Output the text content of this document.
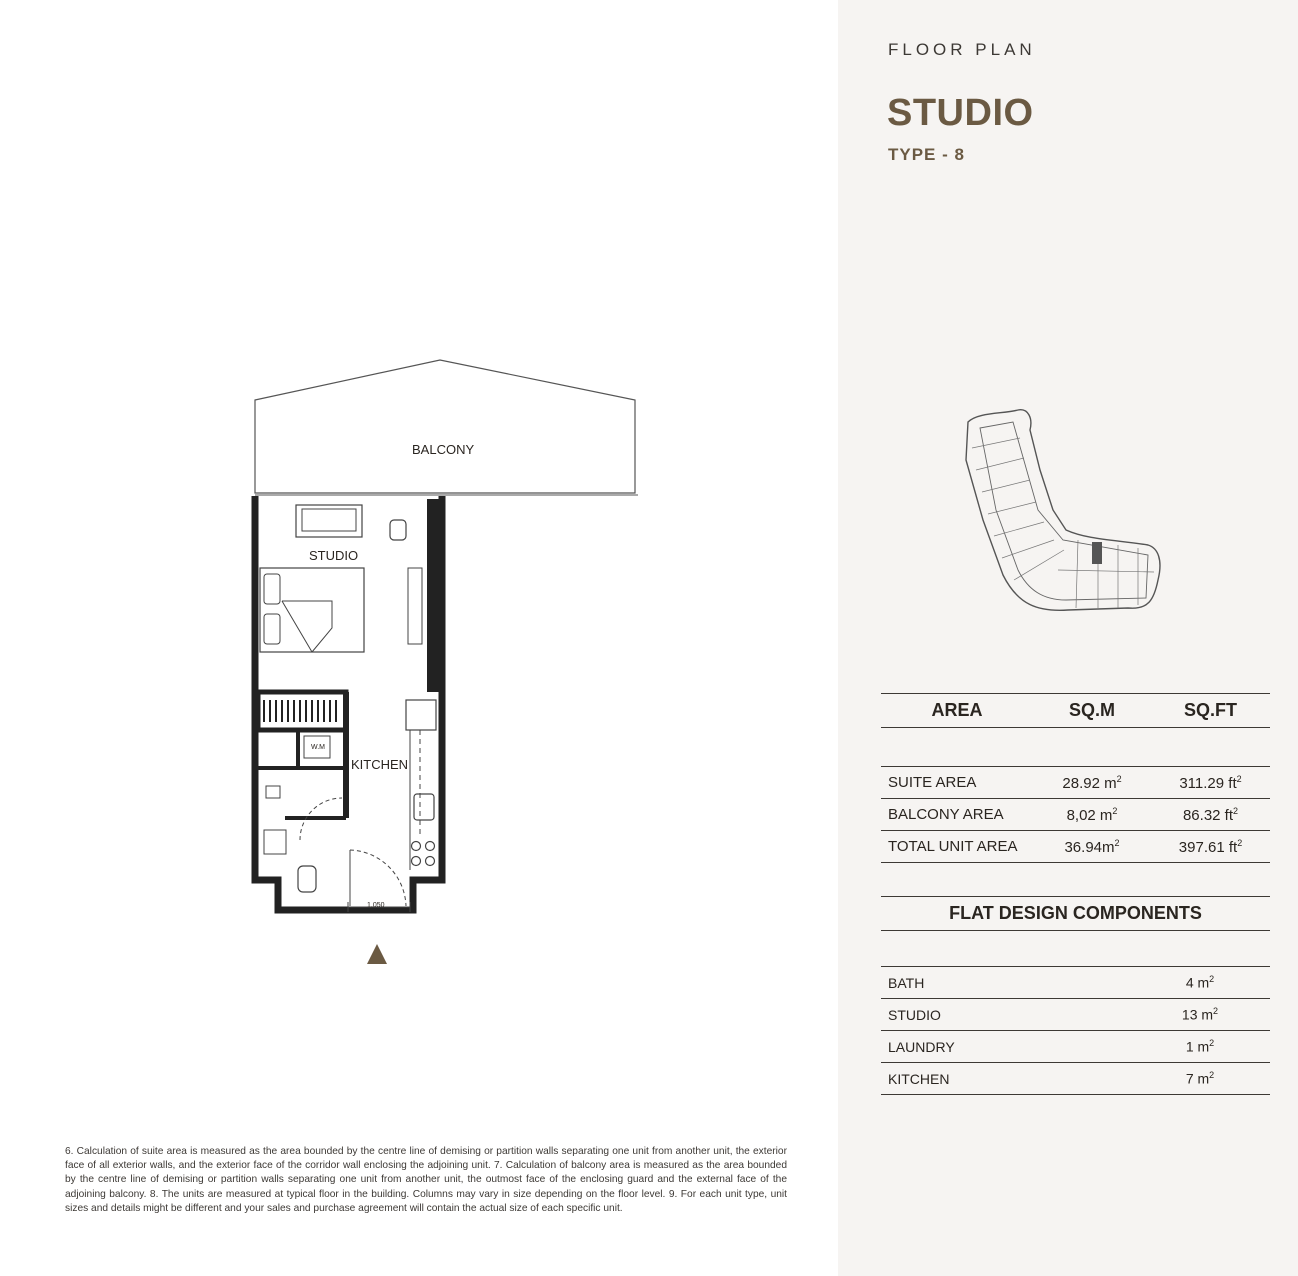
BALCONY
STUDIO
KITCHEN
W.M
1,050
6. Calculation of suite area is measured as the area bounded by the centre line of demising or partition walls separating one unit from another unit, the exterior face of all exterior walls, and the exterior face of the corridor wall enclosing the adjoining unit. 7. Calculation of balcony area is measured as the area bounded by the centre line of demising or partition walls separating one unit from another unit, the outmost face of the enclosing guard and the external face of the adjoining balcony. 8. The units are measured at typical floor in the building. Columns may vary in size depending on the floor level. 9. For each unit type, unit sizes and details might be different and your sales and purchase agreement will contain the actual size of each specific unit.
FLOOR PLAN
STUDIO
TYPE - 8
AREA	SQ.M	SQ.FT

SUITE AREA	28.92 $m^2$	311.29 $ft^2$
BALCONY AREA	8,02 $m^2$	86.32 $ft^2$
TOTAL UNIT AREA	$36.94m^2$	397.61 $ft^2$
FLAT DESIGN COMPONENTS
BATH	4 $m^2$
STUDIO	13 $m^2$
LAUNDRY	1 $m^2$
KITCHEN	7 $m^2$
